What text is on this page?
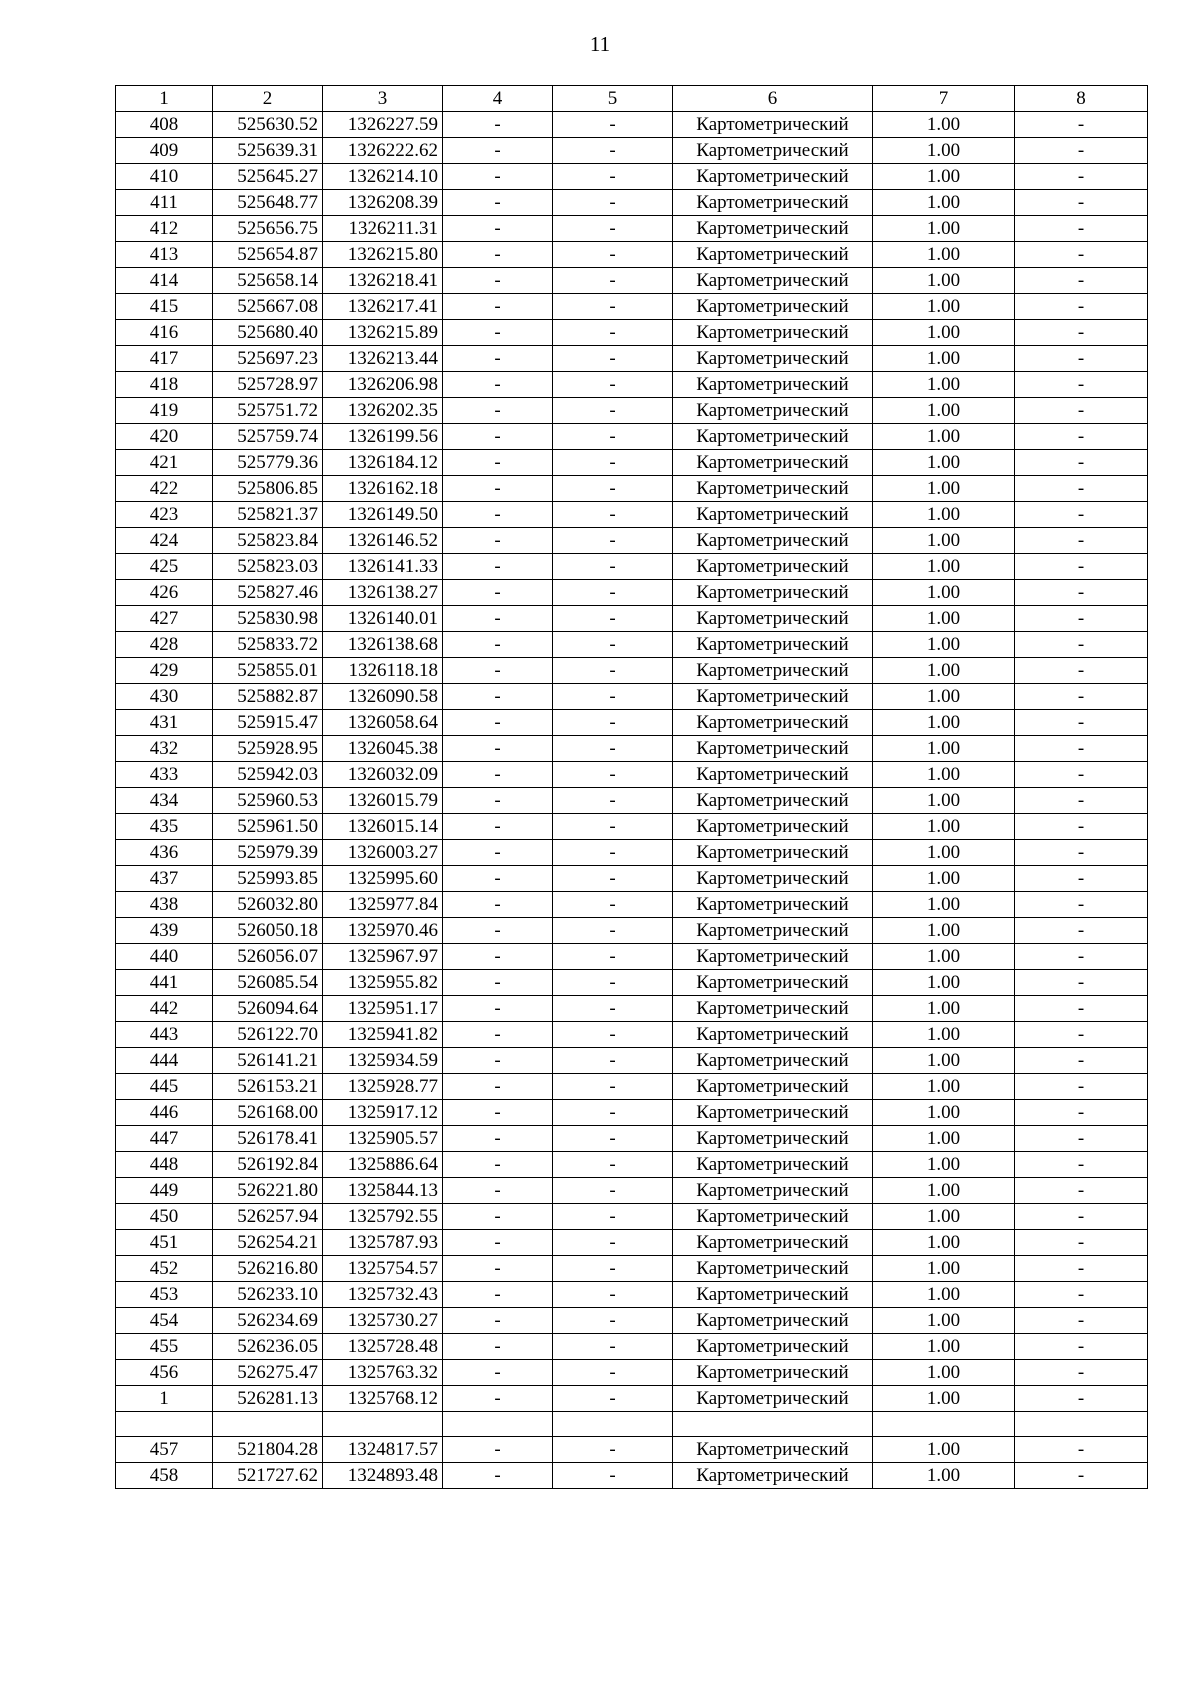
11
1	2	3	4	5	6	7	8
408	525630.52	1326227.59	-	-	Картометрический	1.00	-
409	525639.31	1326222.62	-	-	Картометрический	1.00	-
410	525645.27	1326214.10	-	-	Картометрический	1.00	-
411	525648.77	1326208.39	-	-	Картометрический	1.00	-
412	525656.75	1326211.31	-	-	Картометрический	1.00	-
413	525654.87	1326215.80	-	-	Картометрический	1.00	-
414	525658.14	1326218.41	-	-	Картометрический	1.00	-
415	525667.08	1326217.41	-	-	Картометрический	1.00	-
416	525680.40	1326215.89	-	-	Картометрический	1.00	-
417	525697.23	1326213.44	-	-	Картометрический	1.00	-
418	525728.97	1326206.98	-	-	Картометрический	1.00	-
419	525751.72	1326202.35	-	-	Картометрический	1.00	-
420	525759.74	1326199.56	-	-	Картометрический	1.00	-
421	525779.36	1326184.12	-	-	Картометрический	1.00	-
422	525806.85	1326162.18	-	-	Картометрический	1.00	-
423	525821.37	1326149.50	-	-	Картометрический	1.00	-
424	525823.84	1326146.52	-	-	Картометрический	1.00	-
425	525823.03	1326141.33	-	-	Картометрический	1.00	-
426	525827.46	1326138.27	-	-	Картометрический	1.00	-
427	525830.98	1326140.01	-	-	Картометрический	1.00	-
428	525833.72	1326138.68	-	-	Картометрический	1.00	-
429	525855.01	1326118.18	-	-	Картометрический	1.00	-
430	525882.87	1326090.58	-	-	Картометрический	1.00	-
431	525915.47	1326058.64	-	-	Картометрический	1.00	-
432	525928.95	1326045.38	-	-	Картометрический	1.00	-
433	525942.03	1326032.09	-	-	Картометрический	1.00	-
434	525960.53	1326015.79	-	-	Картометрический	1.00	-
435	525961.50	1326015.14	-	-	Картометрический	1.00	-
436	525979.39	1326003.27	-	-	Картометрический	1.00	-
437	525993.85	1325995.60	-	-	Картометрический	1.00	-
438	526032.80	1325977.84	-	-	Картометрический	1.00	-
439	526050.18	1325970.46	-	-	Картометрический	1.00	-
440	526056.07	1325967.97	-	-	Картометрический	1.00	-
441	526085.54	1325955.82	-	-	Картометрический	1.00	-
442	526094.64	1325951.17	-	-	Картометрический	1.00	-
443	526122.70	1325941.82	-	-	Картометрический	1.00	-
444	526141.21	1325934.59	-	-	Картометрический	1.00	-
445	526153.21	1325928.77	-	-	Картометрический	1.00	-
446	526168.00	1325917.12	-	-	Картометрический	1.00	-
447	526178.41	1325905.57	-	-	Картометрический	1.00	-
448	526192.84	1325886.64	-	-	Картометрический	1.00	-
449	526221.80	1325844.13	-	-	Картометрический	1.00	-
450	526257.94	1325792.55	-	-	Картометрический	1.00	-
451	526254.21	1325787.93	-	-	Картометрический	1.00	-
452	526216.80	1325754.57	-	-	Картометрический	1.00	-
453	526233.10	1325732.43	-	-	Картометрический	1.00	-
454	526234.69	1325730.27	-	-	Картометрический	1.00	-
455	526236.05	1325728.48	-	-	Картометрический	1.00	-
456	526275.47	1325763.32	-	-	Картометрический	1.00	-
1	526281.13	1325768.12	-	-	Картометрический	1.00	-

457	521804.28	1324817.57	-	-	Картометрический	1.00	-
458	521727.62	1324893.48	-	-	Картометрический	1.00	-
